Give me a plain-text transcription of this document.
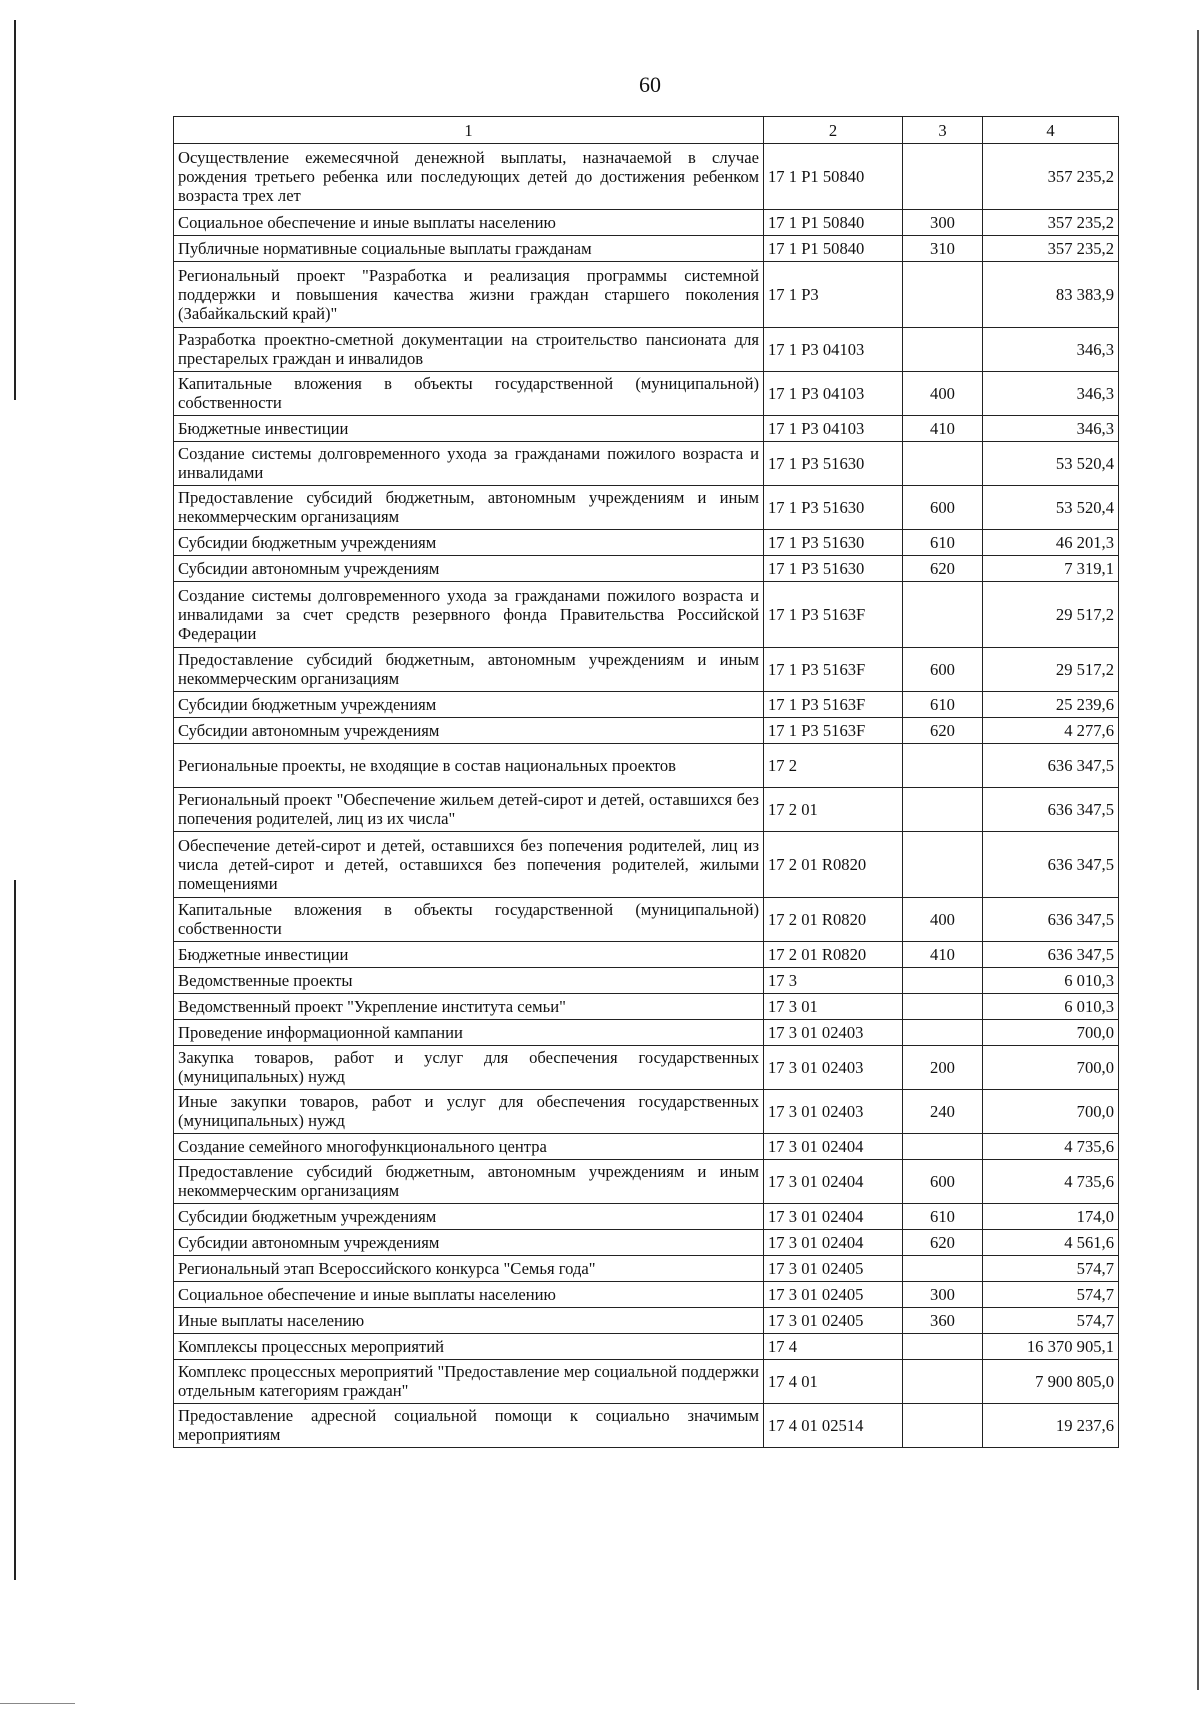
60
1	2	3	4
Осуществление ежемесячной денежной выплаты, назначаемой в случае рождения третьего ребенка или последующих детей до достижения ребенком возраста трех лет	17 1 P1 50840		357 235,2
Социальное обеспечение и иные выплаты населению	17 1 P1 50840	300	357 235,2
Публичные нормативные социальные выплаты гражданам	17 1 P1 50840	310	357 235,2
Региональный проект "Разработка и реализация программы системной поддержки и повышения качества жизни граждан старшего поколения (Забайкальский край)"	17 1 P3		83 383,9
Разработка проектно-сметной документации на строительство пансионата для престарелых граждан и инвалидов	17 1 P3 04103		346,3
Капитальные вложения в объекты государственной (муниципальной) собственности	17 1 P3 04103	400	346,3
Бюджетные инвестиции	17 1 P3 04103	410	346,3
Создание системы долговременного ухода за гражданами пожилого возраста и инвалидами	17 1 P3 51630		53 520,4
Предоставление субсидий бюджетным, автономным учреждениям и иным некоммерческим организациям	17 1 P3 51630	600	53 520,4
Субсидии бюджетным учреждениям	17 1 P3 51630	610	46 201,3
Субсидии автономным учреждениям	17 1 P3 51630	620	7 319,1
Создание системы долговременного ухода за гражданами пожилого возраста и инвалидами за счет средств резервного фонда Правительства Российской Федерации	17 1 P3 5163F		29 517,2
Предоставление субсидий бюджетным, автономным учреждениям и иным некоммерческим организациям	17 1 P3 5163F	600	29 517,2
Субсидии бюджетным учреждениям	17 1 P3 5163F	610	25 239,6
Субсидии автономным учреждениям	17 1 P3 5163F	620	4 277,6
Региональные проекты, не входящие в состав национальных проектов	17 2		636 347,5
Региональный проект "Обеспечение жильем детей-сирот и детей, оставшихся без попечения родителей, лиц из их числа"	17 2 01		636 347,5
Обеспечение детей-сирот и детей, оставшихся без попечения родителей, лиц из числа детей-сирот и детей, оставшихся без попечения родителей, жилыми помещениями	17 2 01 R0820		636 347,5
Капитальные вложения в объекты государственной (муниципальной) собственности	17 2 01 R0820	400	636 347,5
Бюджетные инвестиции	17 2 01 R0820	410	636 347,5
Ведомственные проекты	17 3		6 010,3
Ведомственный проект "Укрепление института семьи"	17 3 01		6 010,3
Проведение информационной кампании	17 3 01 02403		700,0
Закупка товаров, работ и услуг для обеспечения государственных (муниципальных) нужд	17 3 01 02403	200	700,0
Иные закупки товаров, работ и услуг для обеспечения государственных (муниципальных) нужд	17 3 01 02403	240	700,0
Создание семейного многофункционального центра	17 3 01 02404		4 735,6
Предоставление субсидий бюджетным, автономным учреждениям и иным некоммерческим организациям	17 3 01 02404	600	4 735,6
Субсидии бюджетным учреждениям	17 3 01 02404	610	174,0
Субсидии автономным учреждениям	17 3 01 02404	620	4 561,6
Региональный этап Всероссийского конкурса "Семья года"	17 3 01 02405		574,7
Социальное обеспечение и иные выплаты населению	17 3 01 02405	300	574,7
Иные выплаты населению	17 3 01 02405	360	574,7
Комплексы процессных мероприятий	17 4		16 370 905,1
Комплекс процессных мероприятий "Предоставление мер социальной поддержки отдельным категориям граждан"	17 4 01		7 900 805,0
Предоставление адресной социальной помощи к социально значимым мероприятиям	17 4 01 02514		19 237,6
